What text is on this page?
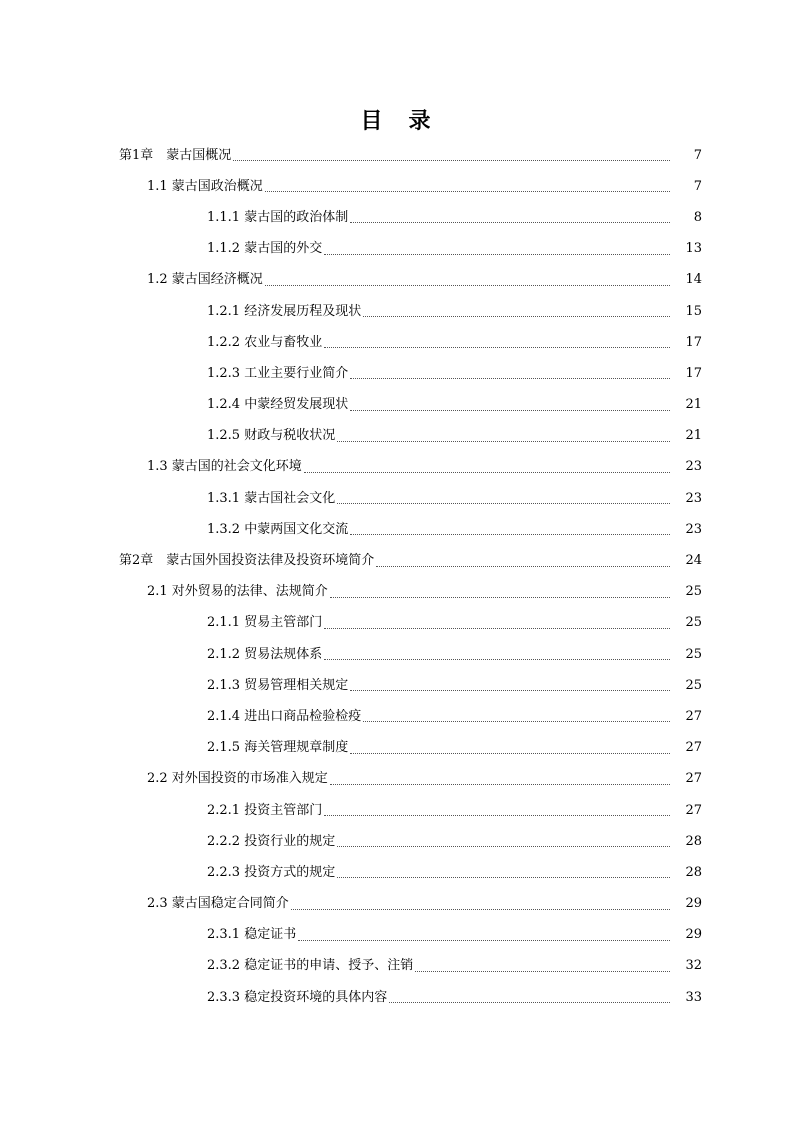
目　录
第1章　蒙古国概况	7
1.1 蒙古国政治概况	7
1.1.1 蒙古国的政治体制	8
1.1.2 蒙古国的外交	13
1.2 蒙古国经济概况	14
1.2.1 经济发展历程及现状	15
1.2.2 农业与畜牧业	17
1.2.3 工业主要行业简介	17
1.2.4 中蒙经贸发展现状	21
1.2.5 财政与税收状况	21
1.3 蒙古国的社会文化环境	23
1.3.1 蒙古国社会文化	23
1.3.2 中蒙两国文化交流	23
第2章　蒙古国外国投资法律及投资环境简介	24
2.1 对外贸易的法律、法规简介	25
2.1.1 贸易主管部门	25
2.1.2 贸易法规体系	25
2.1.3 贸易管理相关规定	25
2.1.4 进出口商品检验检疫	27
2.1.5 海关管理规章制度	27
2.2 对外国投资的市场准入规定	27
2.2.1 投资主管部门	27
2.2.2 投资行业的规定	28
2.2.3 投资方式的规定	28
2.3 蒙古国稳定合同简介	29
2.3.1 稳定证书	29
2.3.2 稳定证书的申请、授予、注销	32
2.3.3 稳定投资环境的具体内容	33
